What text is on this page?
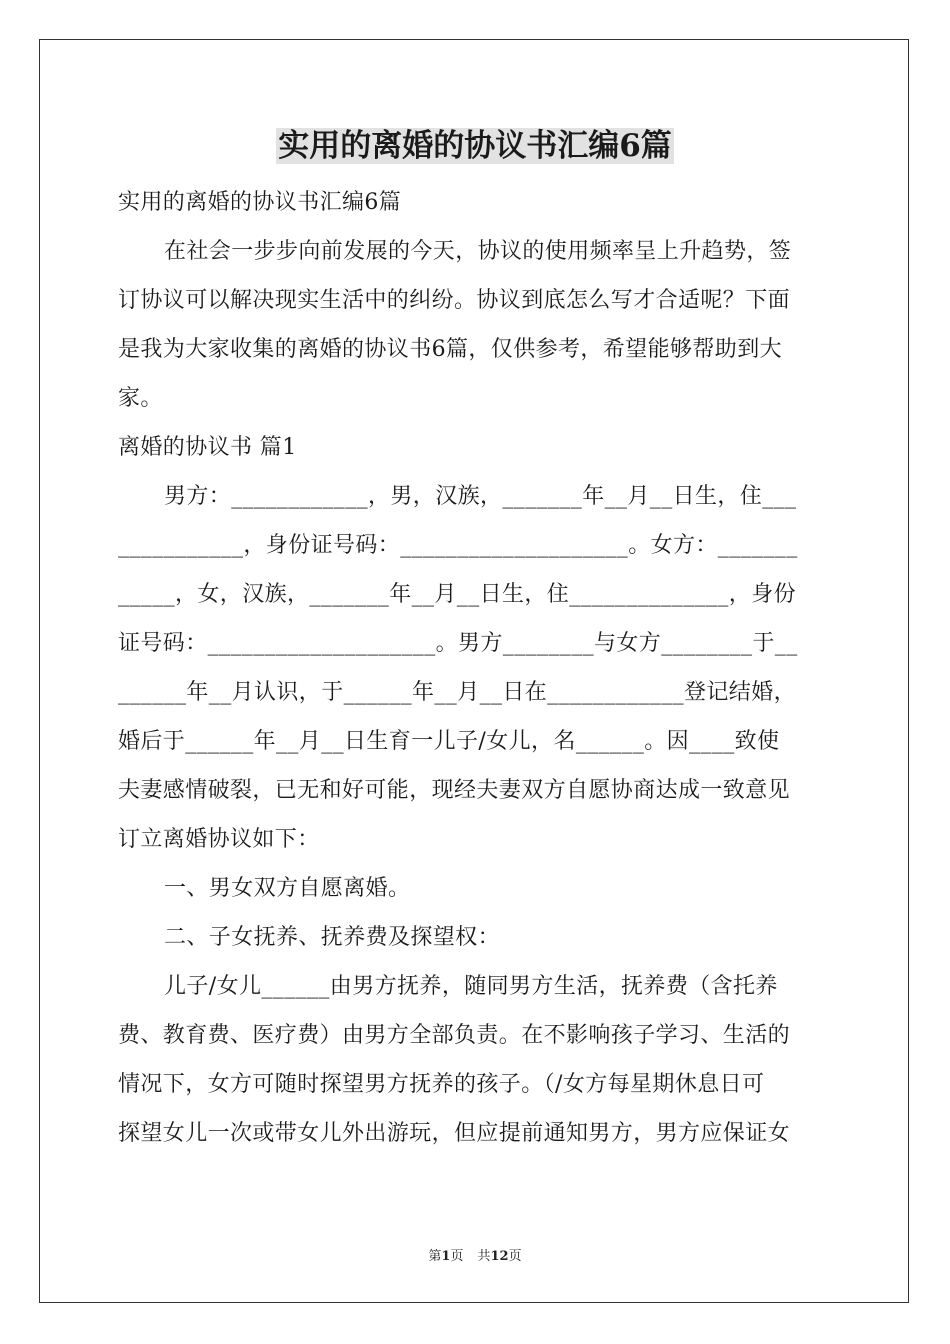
实用的离婚的协议书汇编6篇
实用的离婚的协议书汇编6篇
在社会一步步向前发展的今天，协议的使用频率呈上升趋势，签
订协议可以解决现实生活中的纠纷。协议到底怎么写才合适呢？下面
是我为大家收集的离婚的协议书6篇，仅供参考，希望能够帮助到大
家。
离婚的协议书 篇1
男方：____________，男，汉族，_______年__月__日生，住___
___________，身份证号码：____________________。女方：_______
_____，女，汉族，_______年__月__日生，住______________，身份
证号码：____________________。男方________与女方________于__
______年__月认识，于______年__月__日在____________登记结婚，
婚后于______年__月__日生育一儿子/女儿，名______。因____致使
夫妻感情破裂，已无和好可能，现经夫妻双方自愿协商达成一致意见
订立离婚协议如下：
一、男女双方自愿离婚。
二、子女抚养、抚养费及探望权：
儿子/女儿______由男方抚养，随同男方生活，抚养费（含托养
费、教育费、医疗费）由男方全部负责。在不影响孩子学习、生活的
情况下，女方可随时探望男方抚养的孩子。（/女方每星期休息日可
探望女儿一次或带女儿外出游玩，但应提前通知男方，男方应保证女
第1页 共12页
